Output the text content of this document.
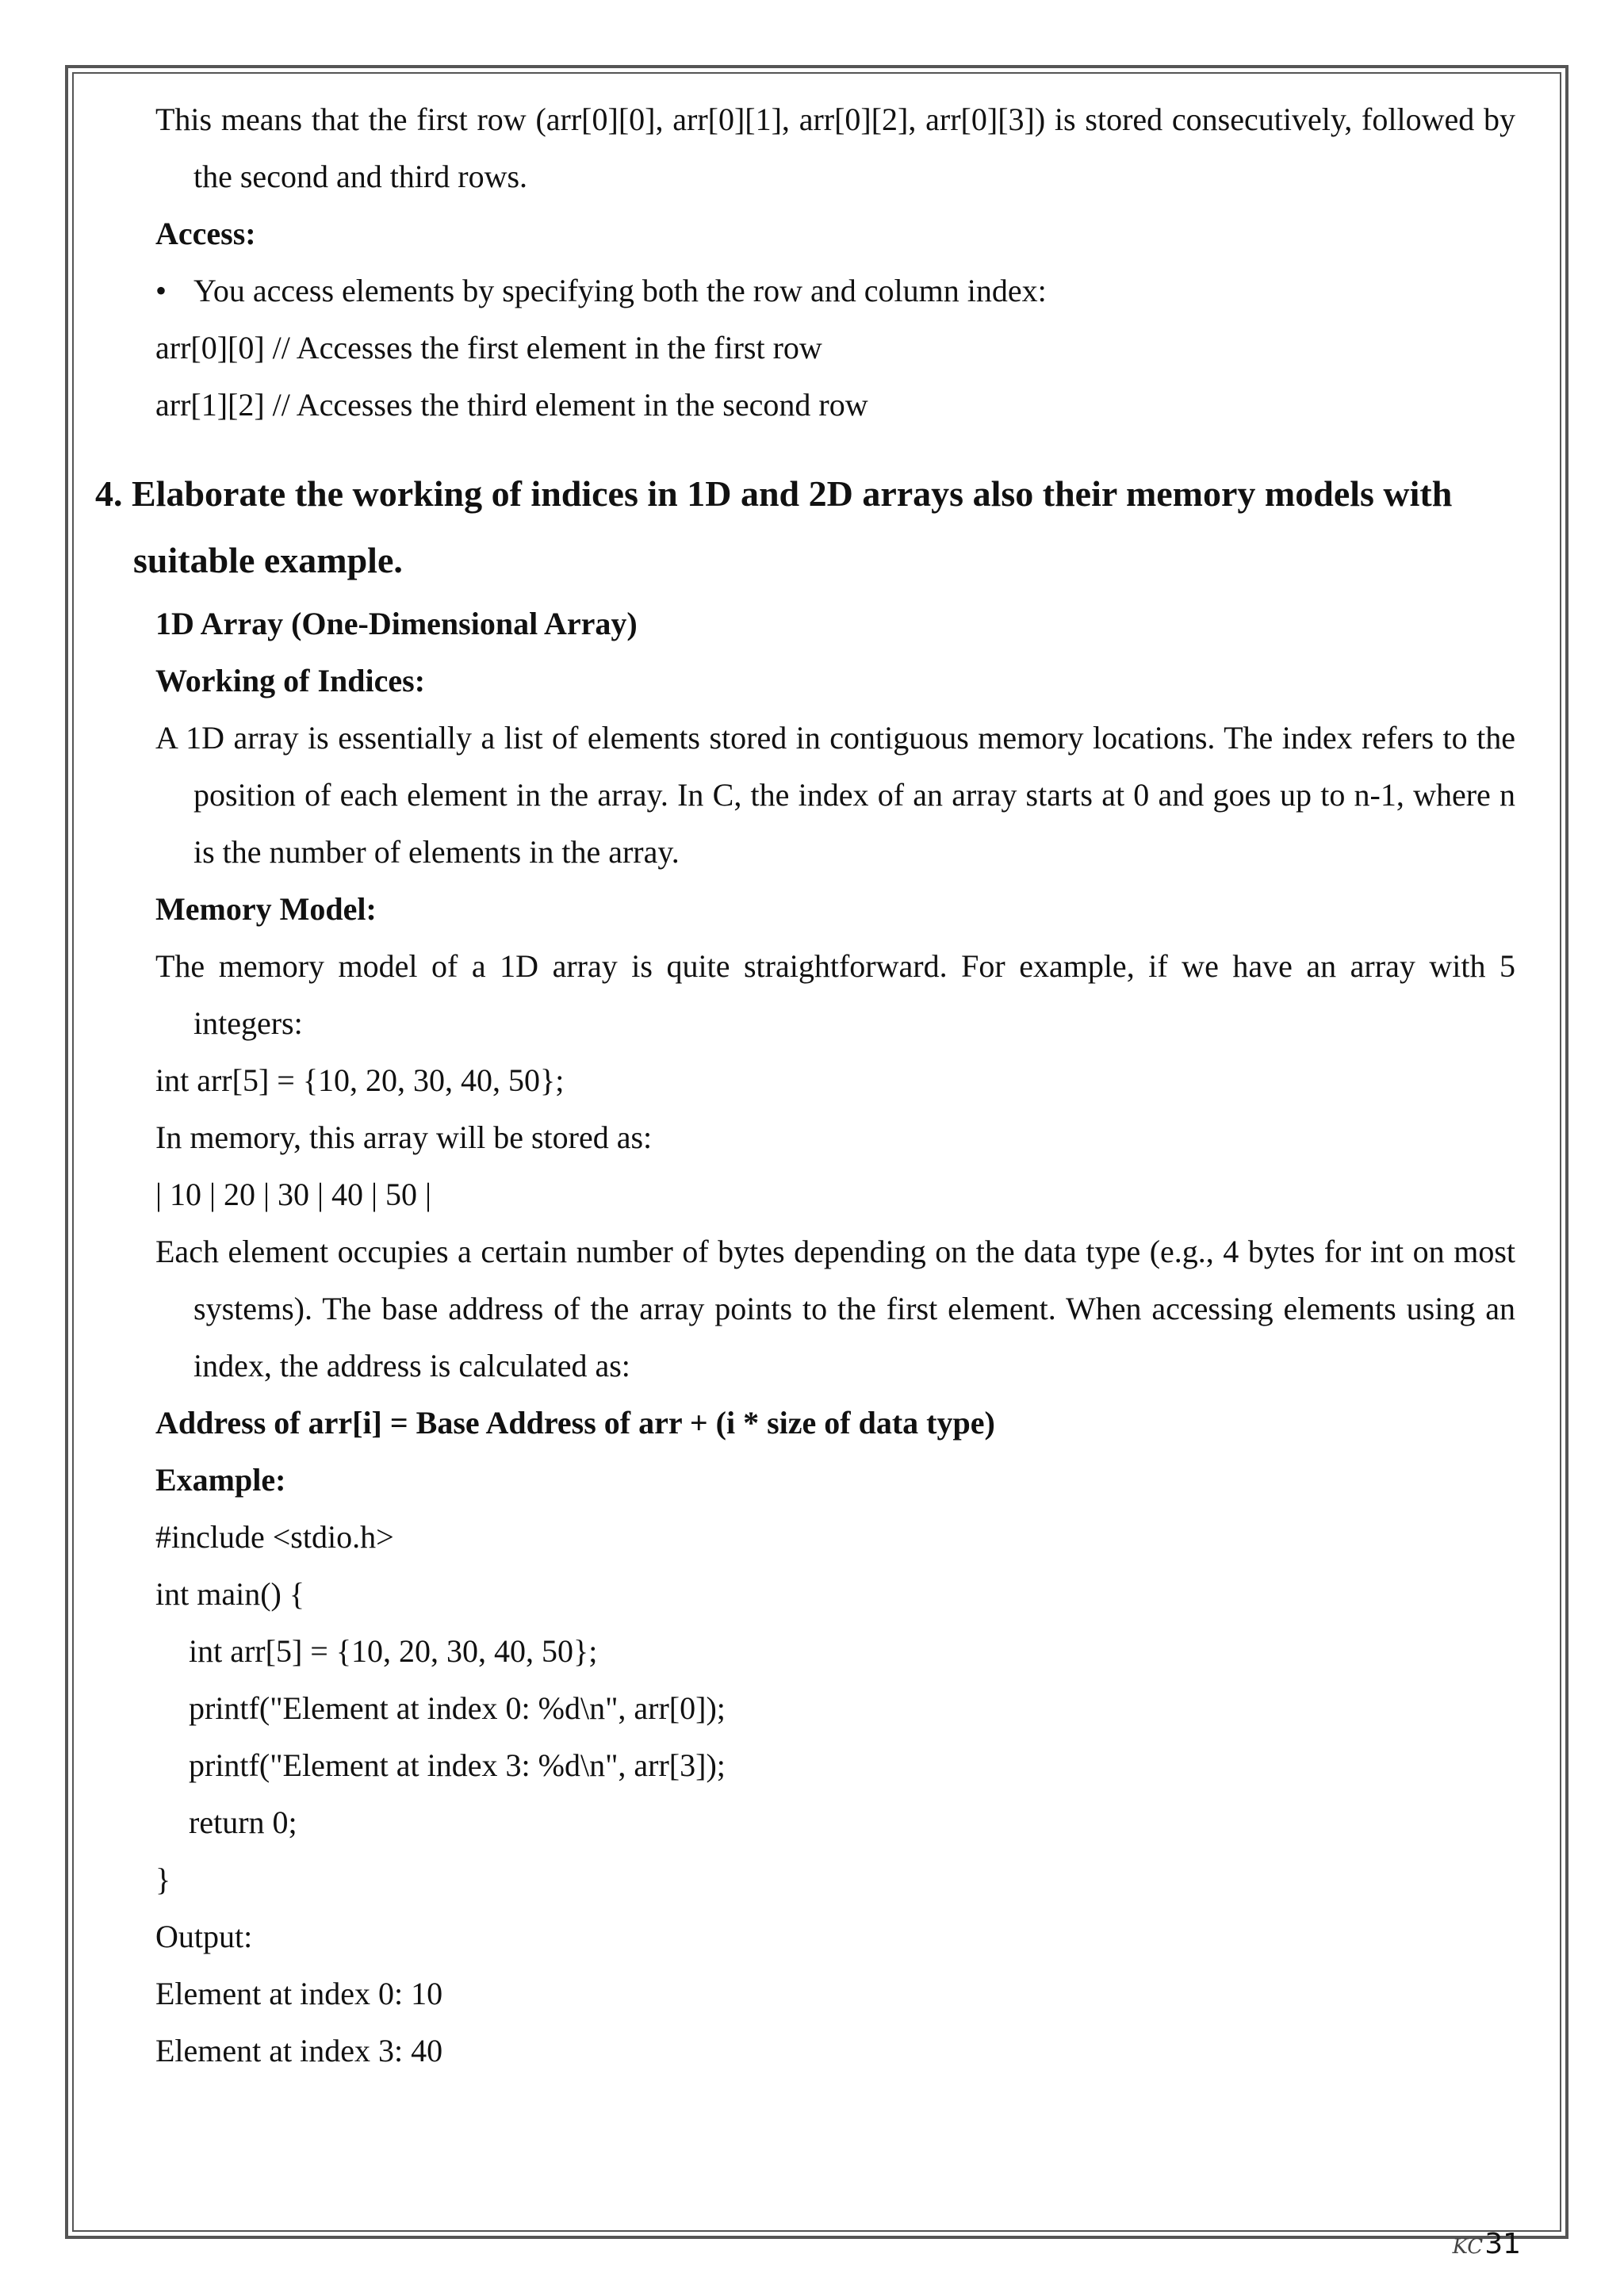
This means that the first row (arr[0][0], arr[0][1], arr[0][2], arr[0][3]) is stored consecutively, followed by the second and third rows.
Access:
• You access elements by specifying both the row and column index:
arr[0][0] // Accesses the first element in the first row
arr[1][2] // Accesses the third element in the second row
4. Elaborate the working of indices in 1D and 2D arrays also their memory models with suitable example.
1D Array (One-Dimensional Array)
Working of Indices:
A 1D array is essentially a list of elements stored in contiguous memory locations. The index refers to the position of each element in the array. In C, the index of an array starts at 0 and goes up to n-1, where n is the number of elements in the array.
Memory Model:
The memory model of a 1D array is quite straightforward. For example, if we have an array with 5 integers:
int arr[5] = {10, 20, 30, 40, 50};
In memory, this array will be stored as:
| 10 | 20 | 30 | 40 | 50 |
Each element occupies a certain number of bytes depending on the data type (e.g., 4 bytes for int on most systems). The base address of the array points to the first element. When accessing elements using an index, the address is calculated as:
Address of arr[i] = Base Address of arr + (i * size of data type)
Example:
#include <stdio.h>
int main() {
int arr[5] = {10, 20, 30, 40, 50};
printf("Element at index 0: %d\n", arr[0]);
printf("Element at index 3: %d\n", arr[3]);
return 0;
}
Output:
Element at index 0: 10
Element at index 3: 40
KC31
